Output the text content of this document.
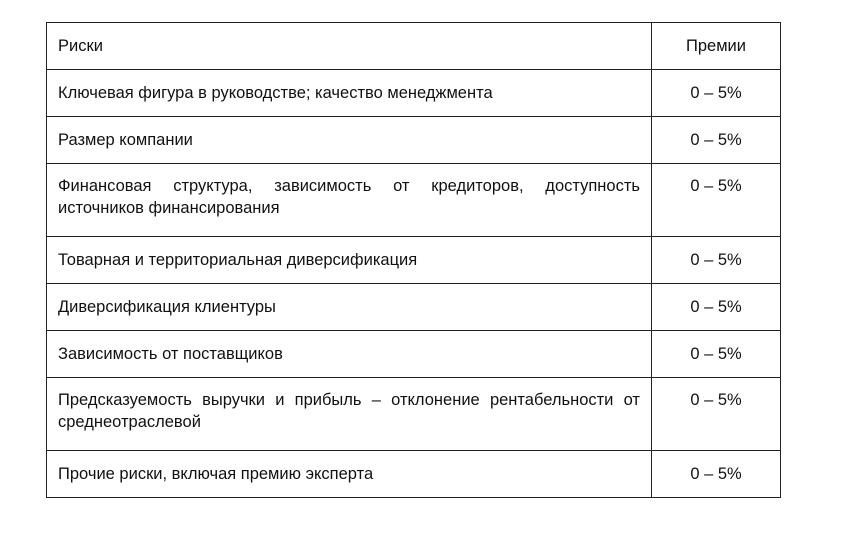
Риски	Премии
Ключевая фигура в руководстве; качество менеджмента	0 – 5%
Размер компании	0 – 5%
Финансовая структура, зависимость от кредиторов, доступность источников финансирования	0 – 5%
Товарная и территориальная диверсификация	0 – 5%
Диверсификация клиентуры	0 – 5%
Зависимость от поставщиков	0 – 5%
Предсказуемость выручки и прибыль – отклонение рентабельности от среднеотраслевой	0 – 5%
Прочие риски, включая премию эксперта	0 – 5%
